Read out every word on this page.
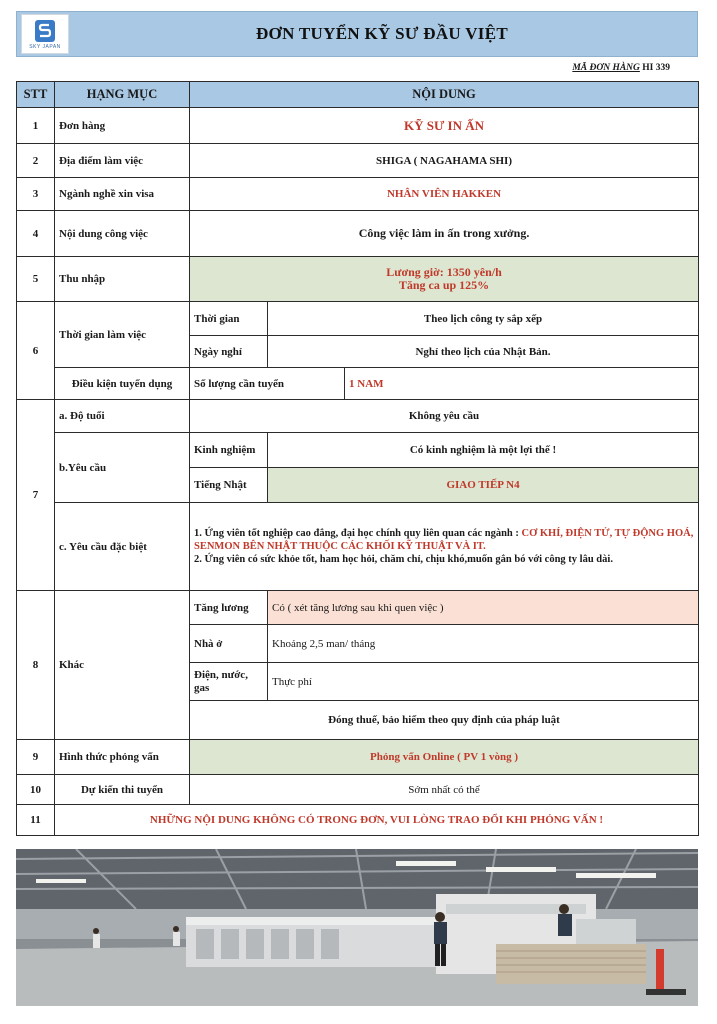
SKY JAPAN
ĐƠN TUYỂN KỸ SƯ ĐẦU VIỆT
MÃ ĐƠN HÀNG HI 339
STT	HẠNG MỤC	NỘI DUNG		
1	Đơn hàng	KỸ SƯ IN ẤN		
2	Địa điểm làm việc	SHIGA ( NAGAHAMA SHI)		
3	Ngành nghề xin visa	NHÂN VIÊN HAKKEN		
4	Nội dung công việc	Công việc làm in ấn trong xưởng.		
5	Thu nhập	Lương giờ: 1350 yên/h
Tăng ca up 125%		

6	Thời gian làm việc	Thời gian	Theo lịch công ty sắp xếp	
		Ngày nghỉ	Nghỉ theo lịch của Nhật Bản.	
	Điều kiện tuyển dụng	Số lượng cần tuyển		1 NAM
7	a. Độ tuổi	Không yêu cầu		
	b.Yêu cầu	Kinh nghiệm	Có kinh nghiệm là một lợi thế !	
		Tiếng Nhật	GIAO TIẾP N4	
	c. Yêu cầu đặc biệt	1. Ứng viên tốt nghiệp cao đẳng, đại học chính quy liên quan các ngành : CƠ KHÍ, ĐIỆN TỬ, TỰ ĐỘNG HOÁ, SENMON BÊN NHẬT THUỘC CÁC KHỐI KỸ THUẬT VÀ IT.
2. Ứng viên có sức khỏe tốt, ham học hỏi, chăm chỉ, chịu khó,muốn gắn bó với công ty lâu dài.		

8	Khác	Tăng lương	Có ( xét tăng lương sau khi quen việc )	
		Nhà ở	Khoảng 2,5 man/ tháng	
		Điện, nước, gas	Thực phí	
		Đóng thuế, bảo hiểm theo quy định của pháp luật		
9	Hình thức phỏng vấn	Phỏng vấn Online ( PV 1 vòng )		
10	Dự kiến thi tuyển	Sớm nhất có thể		
11	NHỮNG NỘI DUNG KHÔNG CÓ TRONG ĐƠN, VUI LÒNG TRAO ĐỔI KHI PHỎNG VẤN !			
